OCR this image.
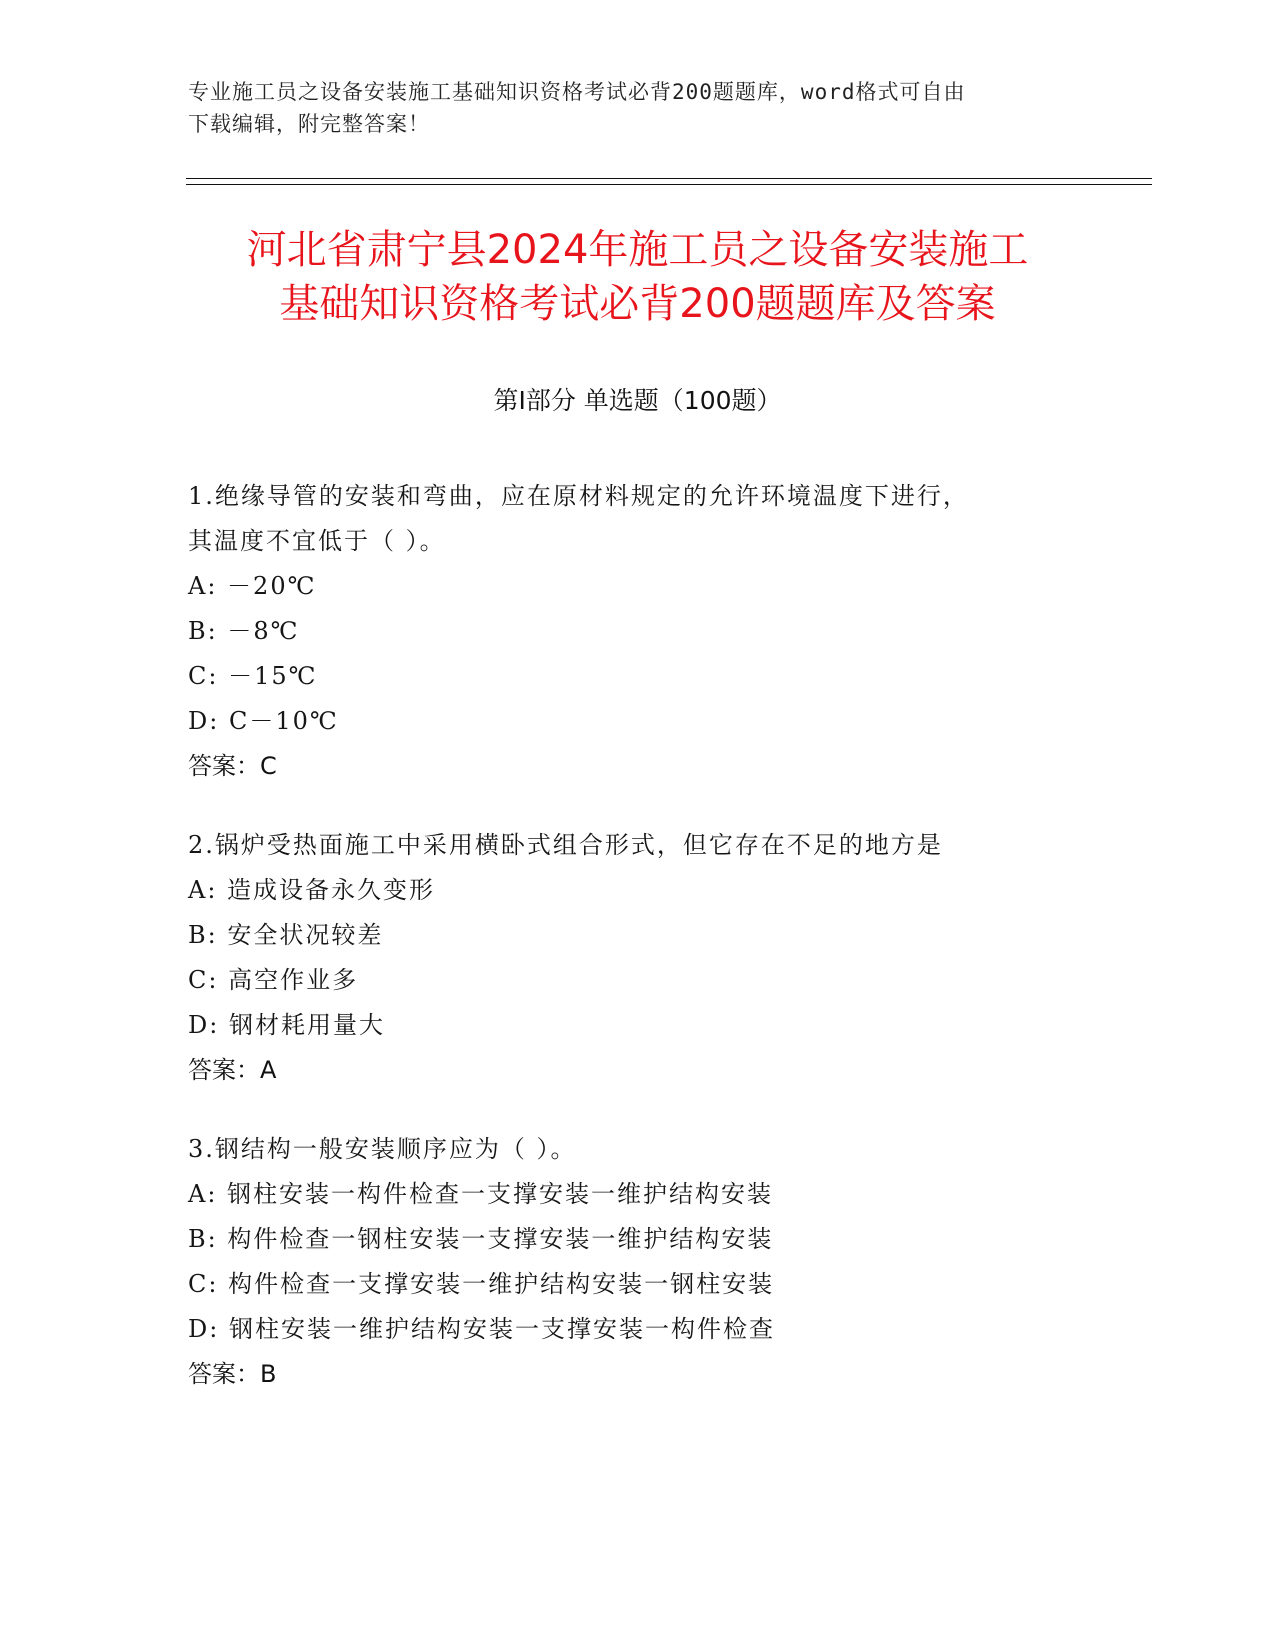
专业施工员之设备安装施工基础知识资格考试必背200题题库，word格式可自由
下载编辑，附完整答案！
河北省肃宁县2024年施工员之设备安装施工
基础知识资格考试必背200题题库及答案
第Ⅰ部分 单选题（100题）
1.绝缘导管的安装和弯曲，应在原材料规定的允许环境温度下进行，
其温度不宜低于（ ）。
A: －20℃
B: －8℃
C: －15℃
D: C－10℃
答案：C
2.锅炉受热面施工中采用横卧式组合形式，但它存在不足的地方是
A: 造成设备永久变形
B: 安全状况较差
C: 高空作业多
D: 钢材耗用量大
答案：A
3.钢结构一般安装顺序应为（ ）。
A: 钢柱安装一构件检查一支撑安装一维护结构安装
B: 构件检查一钢柱安装一支撑安装一维护结构安装
C: 构件检查一支撑安装一维护结构安装一钢柱安装
D: 钢柱安装一维护结构安装一支撑安装一构件检查
答案：B
